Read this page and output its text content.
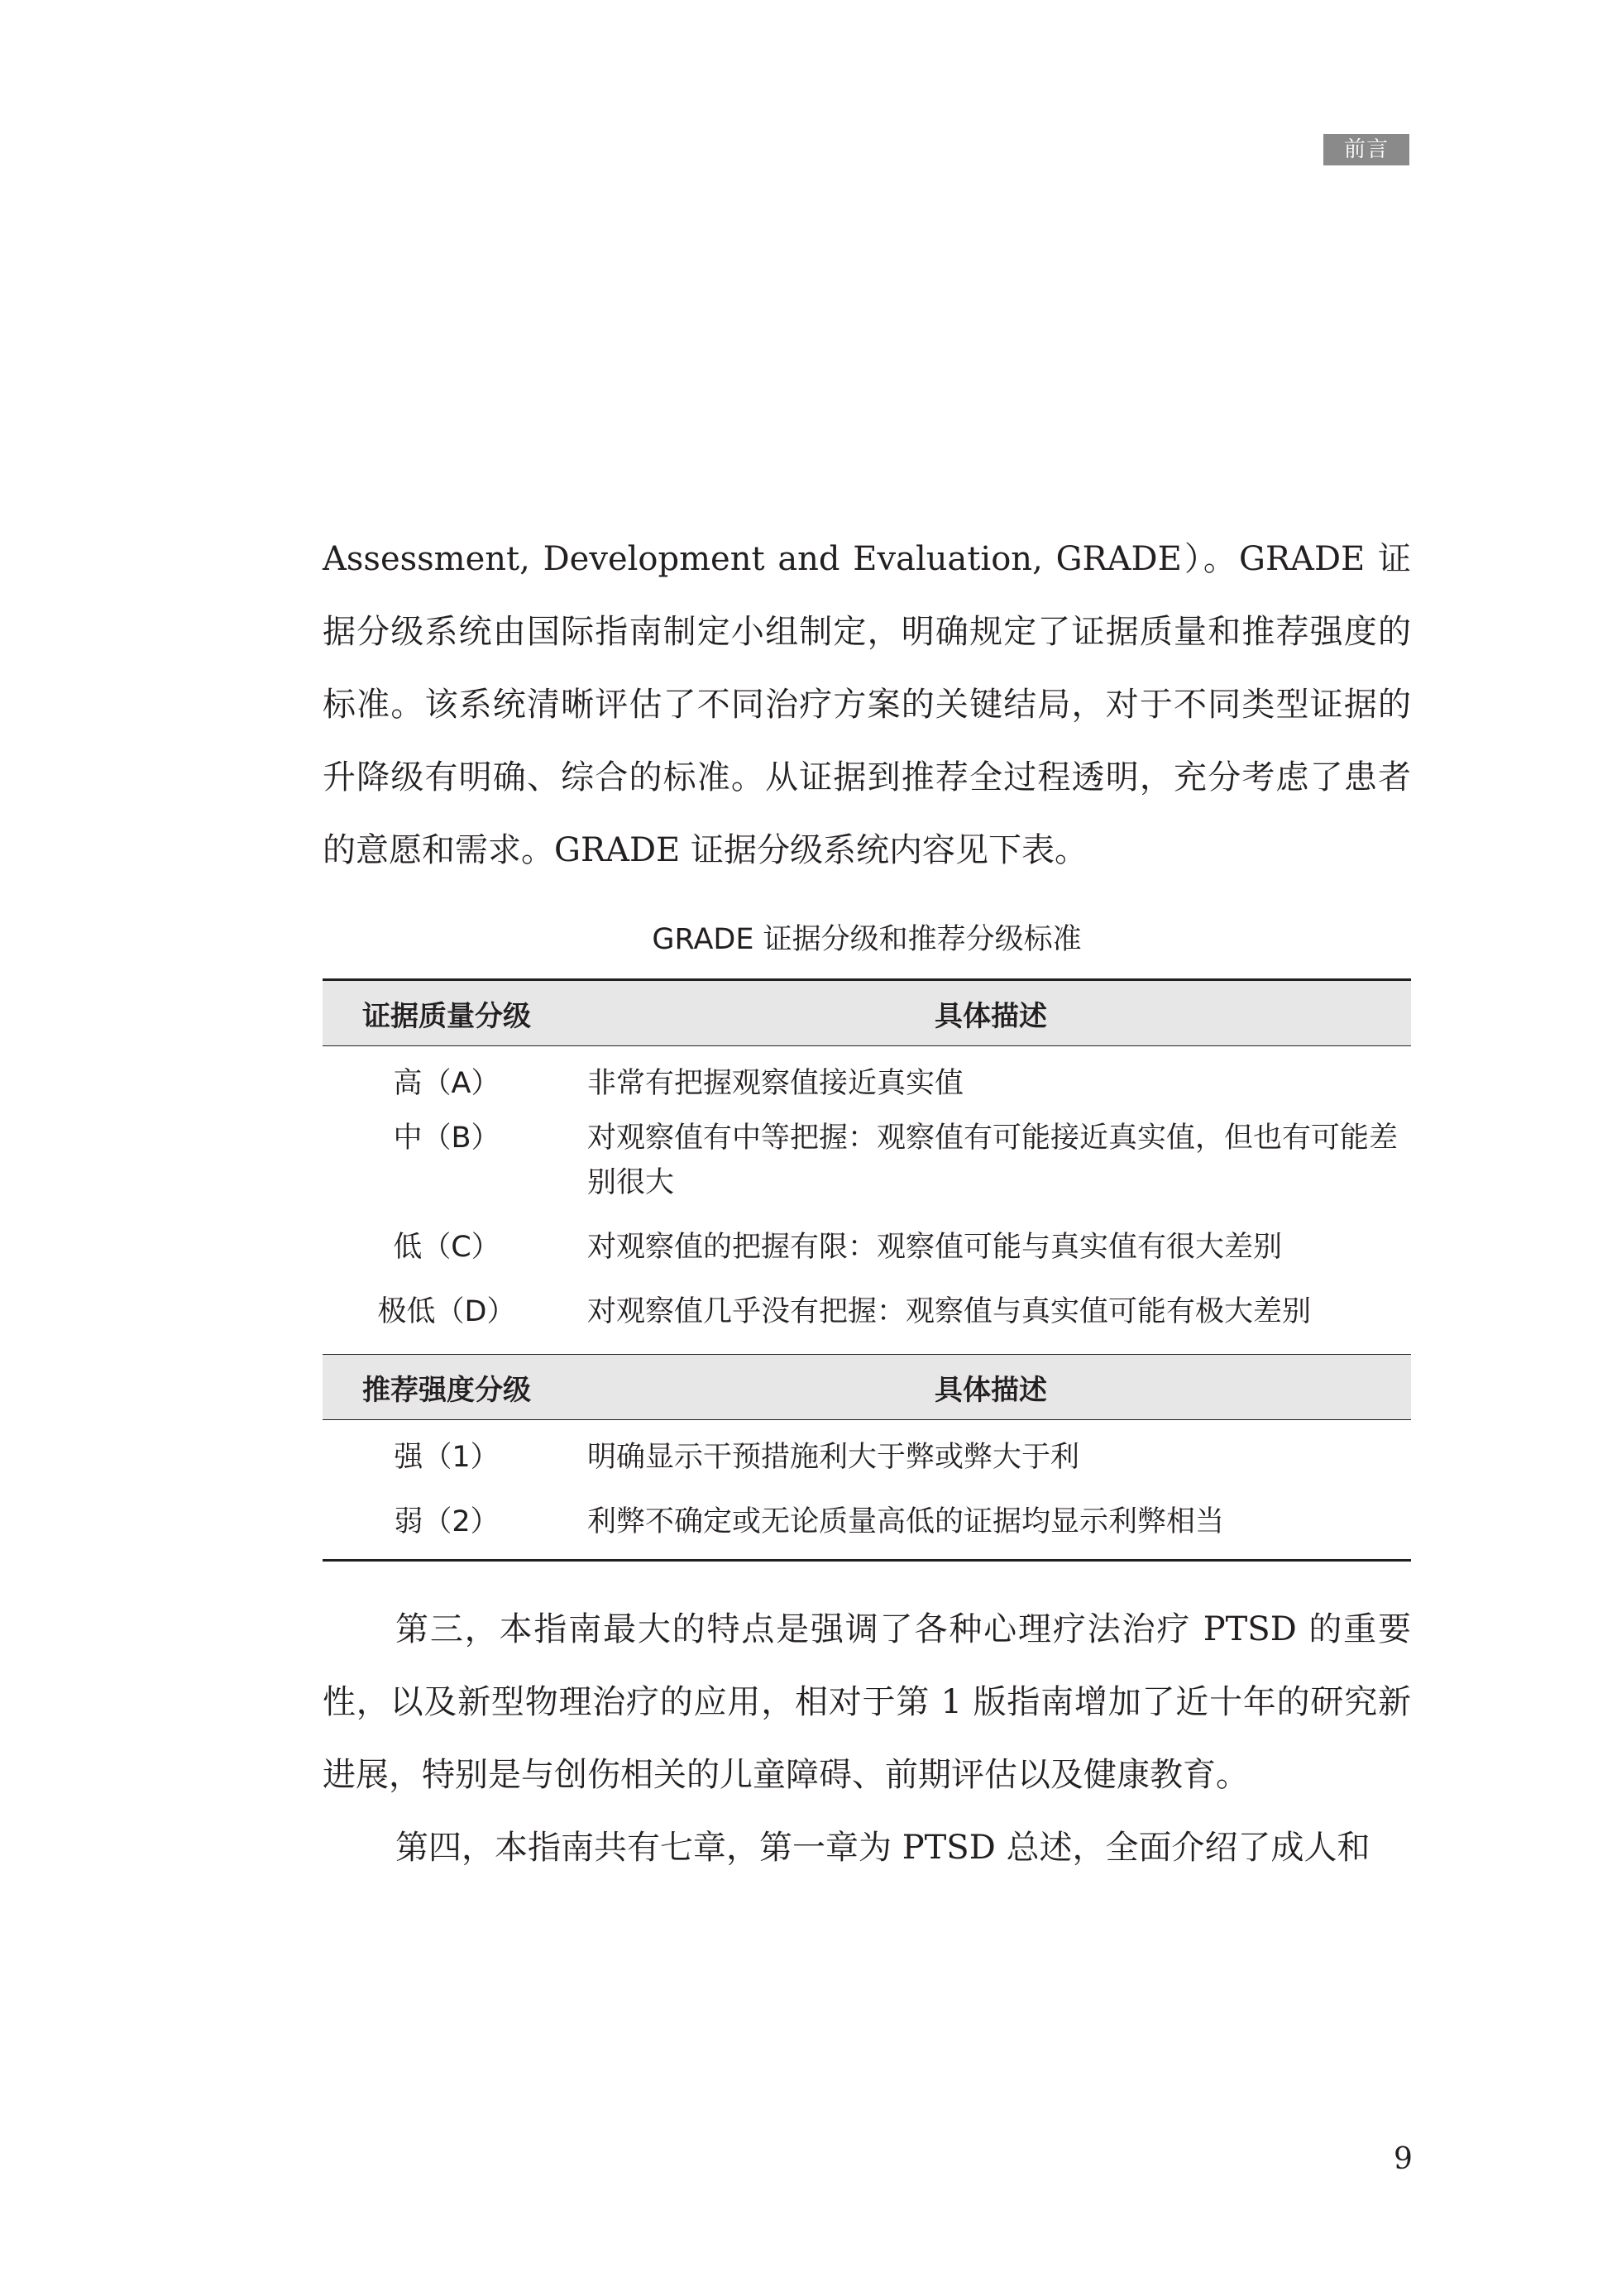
前言

Assessment, Development and Evaluation, GRADE）。GRADE 证据分级系统由国际指南制定小组制定，明确规定了证据质量和推荐强度的标准。该系统清晰评估了不同治疗方案的关键结局，对于不同类型证据的升降级有明确、综合的标准。从证据到推荐全过程透明，充分考虑了患者的意愿和需求。GRADE 证据分级系统内容见下表。

GRADE 证据分级和推荐分级标准
证据质量分级	具体描述
高（A）	非常有把握观察值接近真实值
中（B）	对观察值有中等把握：观察值有可能接近真实值，但也有可能差别很大
低（C）	对观察值的把握有限：观察值可能与真实值有很大差别
极低（D）	对观察值几乎没有把握：观察值与真实值可能有极大差别
推荐强度分级	具体描述
强（1）	明确显示干预措施利大于弊或弊大于利
弱（2）	利弊不确定或无论质量高低的证据均显示利弊相当

第三，本指南最大的特点是强调了各种心理疗法治疗 PTSD 的重要性，以及新型物理治疗的应用，相对于第 1 版指南增加了近十年的研究新进展，特别是与创伤相关的儿童障碍、前期评估以及健康教育。

第四，本指南共有七章，第一章为 PTSD 总述，全面介绍了成人和

9
